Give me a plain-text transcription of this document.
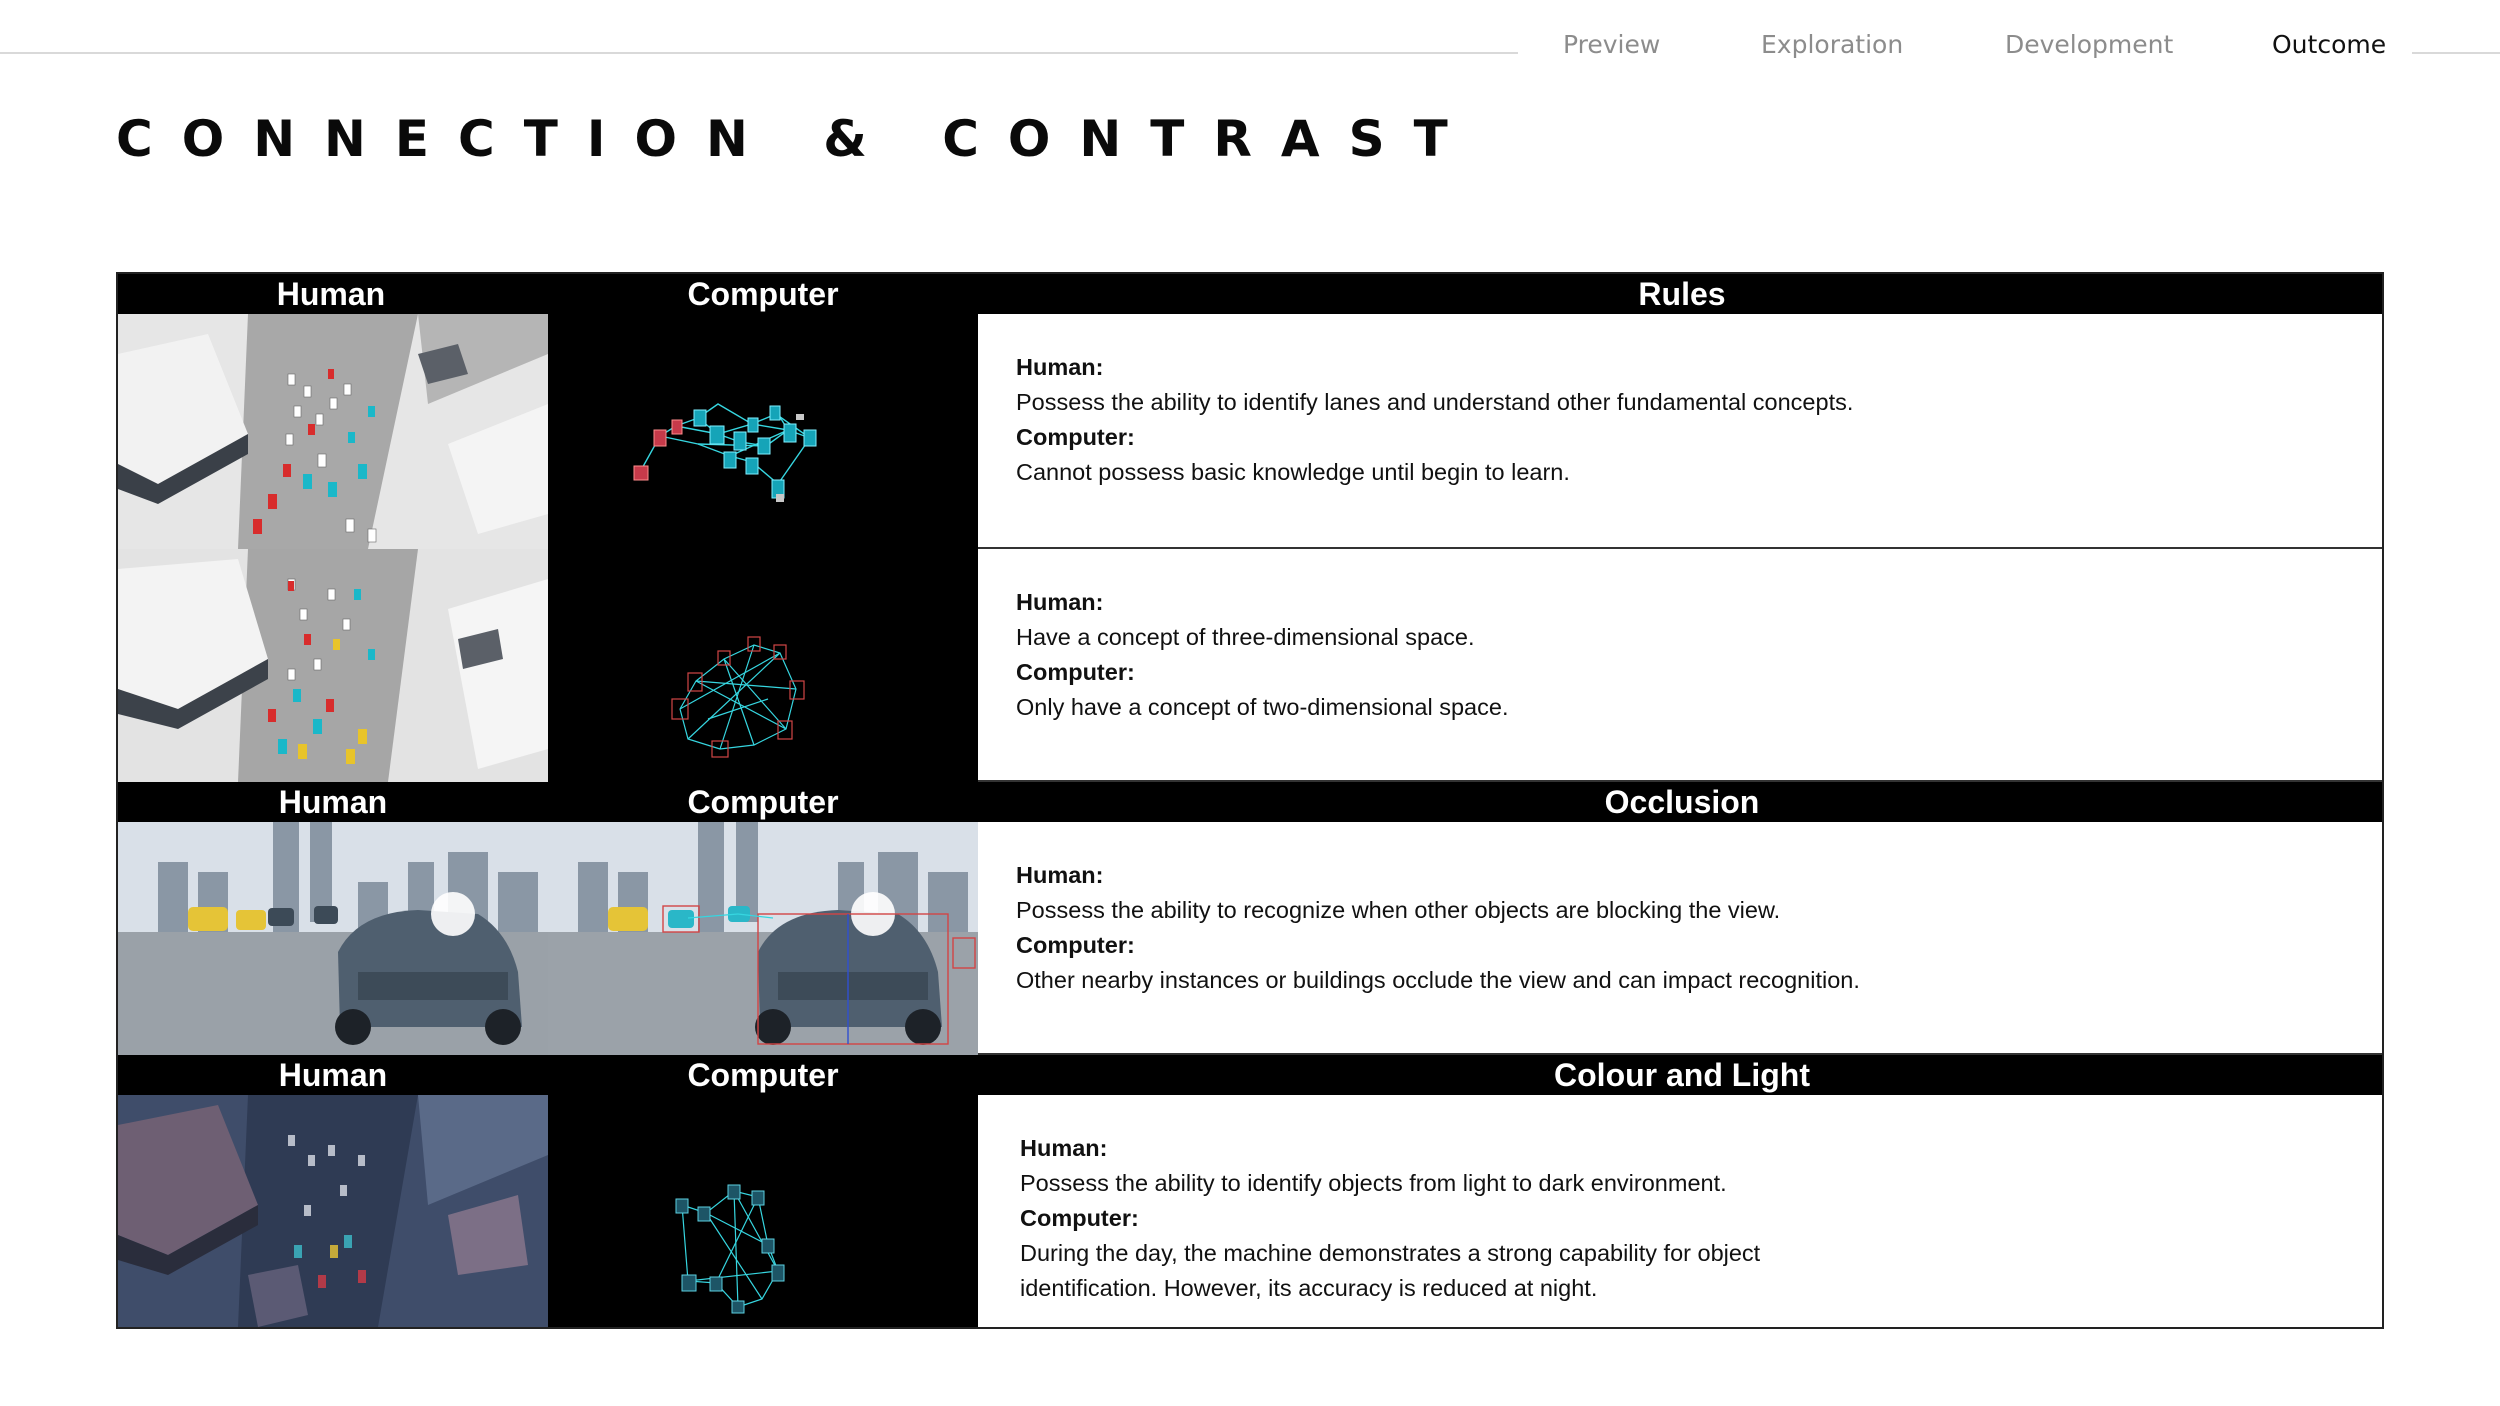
Preview	Exploration	Development	Outcome
CONNECTION & CONTRAST
Human	Computer	Rules
Human:
Possess the ability to identify lanes and understand other fundamental concepts.
Computer:
Cannot possess basic knowledge until begin to learn.
Human:
Have a concept of three-dimensional space.
Computer:
Only have a concept of two-dimensional space.
Human	Computer	Occlusion
Human:
Possess the ability to recognize when other objects are blocking the view.
Computer:
Other nearby instances or buildings occlude the view and can impact recognition.
Human	Computer	Colour and Light
Human:
Possess the ability to identify objects from light to dark environment.
Computer:
During the day, the machine demonstrates a strong capability for object identification. However, its accuracy is reduced at night.
